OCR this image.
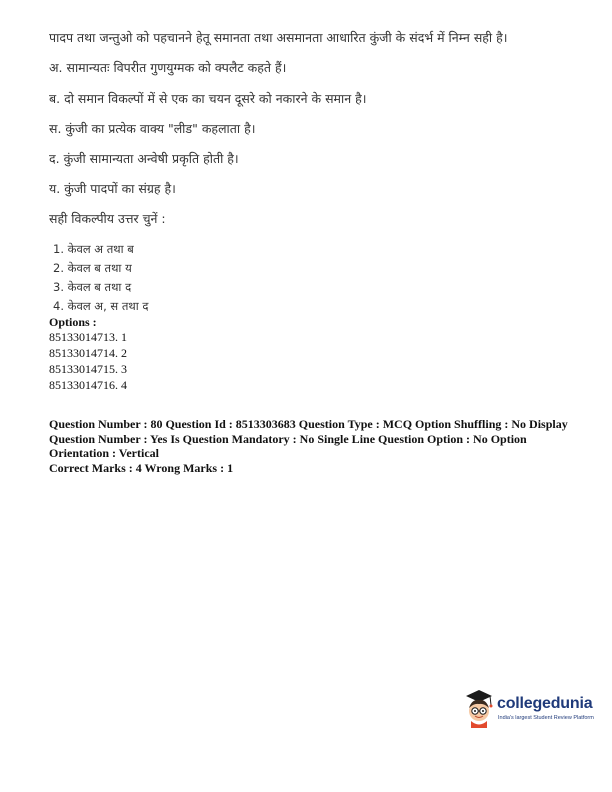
पादप तथा जन्तुओ को पहचानने हेतू समानता तथा असमानता आधारित कुंजी के संदर्भ में निम्न सही है।
अ. सामान्यतः विपरीत गुणयुग्मक को क्पलैट कहते हैं।
ब. दो समान विकल्पों में से एक का चयन दूसरे को नकारने के समान है।
स. कुंजी का प्रत्येक वाक्य "लीड" कहलाता है।
द. कुंजी सामान्यता अन्वेषी प्रकृति होती है।
य. कुंजी पादपों का संग्रह है।
सही विकल्पीय उत्तर चुनें :
1. केवल अ तथा ब
2. केवल ब तथा य
3. केवल ब तथा द
4. केवल अ, स तथा द
Options :
85133014713. 1
85133014714. 2
85133014715. 3
85133014716. 4
Question Number : 80 Question Id : 8513303683 Question Type : MCQ Option Shuffling : No Display
Question Number : Yes Is Question Mandatory : No Single Line Question Option : No Option
Orientation : Vertical
Correct Marks : 4 Wrong Marks : 1
collegedunia
India's largest Student Review Platform
